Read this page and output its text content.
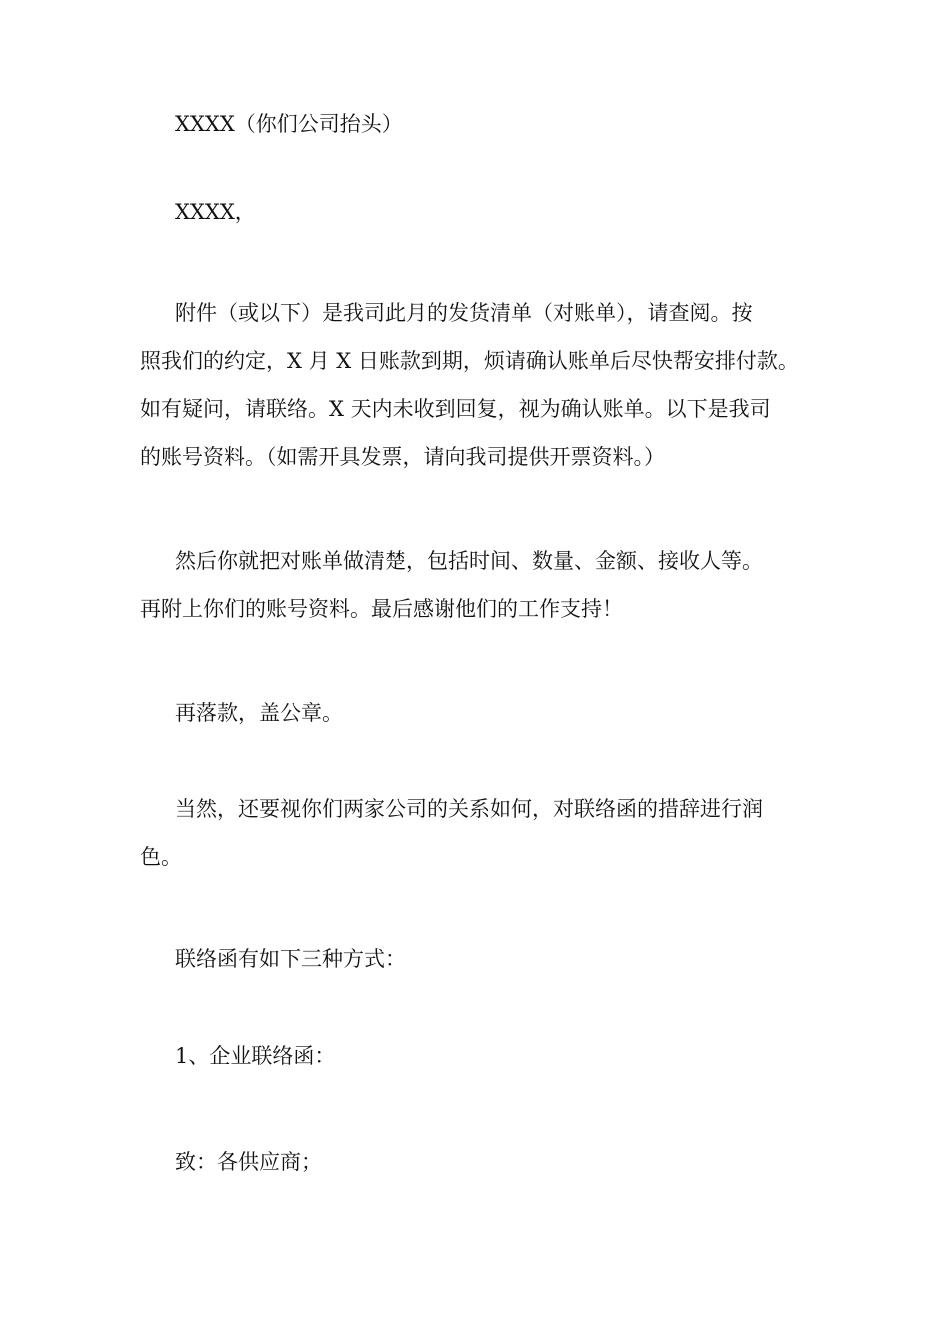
XXXX（你们公司抬头）
XXXX，
附件（或以下）是我司此月的发货清单（对账单），请查阅。按
照我们的约定，X 月 X 日账款到期，烦请确认账单后尽快帮安排付款。
如有疑问，请联络。X 天内未收到回复，视为确认账单。以下是我司
的账号资料。（如需开具发票，请向我司提供开票资料。）
然后你就把对账单做清楚，包括时间、数量、金额、接收人等。
再附上你们的账号资料。最后感谢他们的工作支持！
再落款，盖公章。
当然，还要视你们两家公司的关系如何，对联络函的措辞进行润
色。
联络函有如下三种方式：
1、企业联络函：
致：各供应商；
